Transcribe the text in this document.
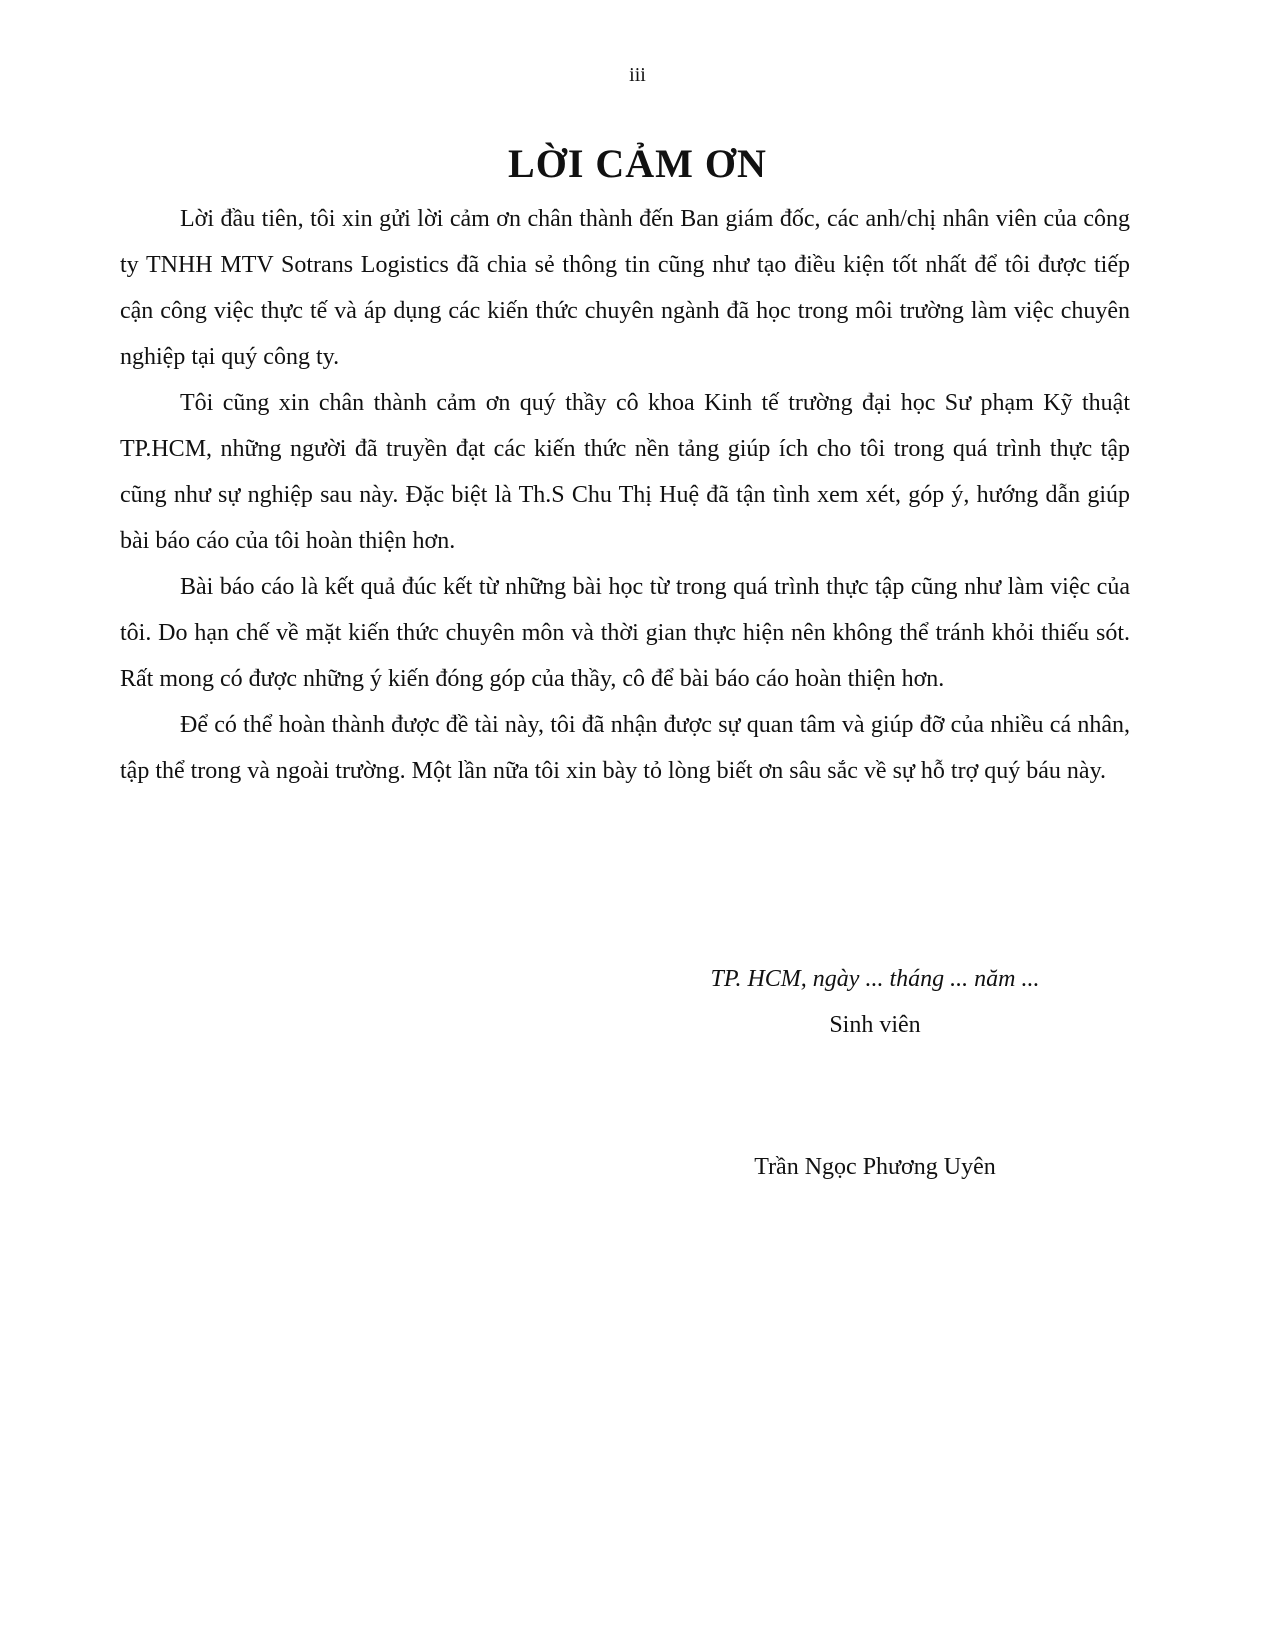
iii
LỜI CẢM ƠN

Lời đầu tiên, tôi xin gửi lời cảm ơn chân thành đến Ban giám đốc, các anh/chị nhân viên của công ty TNHH MTV Sotrans Logistics đã chia sẻ thông tin cũng như tạo điều kiện tốt nhất để tôi được tiếp cận công việc thực tế và áp dụng các kiến thức chuyên ngành đã học trong môi trường làm việc chuyên nghiệp tại quý công ty.

Tôi cũng xin chân thành cảm ơn quý thầy cô khoa Kinh tế trường đại học Sư phạm Kỹ thuật TP.HCM, những người đã truyền đạt các kiến thức nền tảng giúp ích cho tôi trong quá trình thực tập cũng như sự nghiệp sau này. Đặc biệt là Th.S Chu Thị Huệ đã tận tình xem xét, góp ý, hướng dẫn giúp bài báo cáo của tôi hoàn thiện hơn.

Bài báo cáo là kết quả đúc kết từ những bài học từ trong quá trình thực tập cũng như làm việc của tôi. Do hạn chế về mặt kiến thức chuyên môn và thời gian thực hiện nên không thể tránh khỏi thiếu sót. Rất mong có được những ý kiến đóng góp của thầy, cô để bài báo cáo hoàn thiện hơn.

Để có thể hoàn thành được đề tài này, tôi đã nhận được sự quan tâm và giúp đỡ của nhiều cá nhân, tập thể trong và ngoài trường. Một lần nữa tôi xin bày tỏ lòng biết ơn sâu sắc về sự hỗ trợ quý báu này.

TP. HCM, ngày ... tháng ... năm ...
Sinh viên
Trần Ngọc Phương Uyên
